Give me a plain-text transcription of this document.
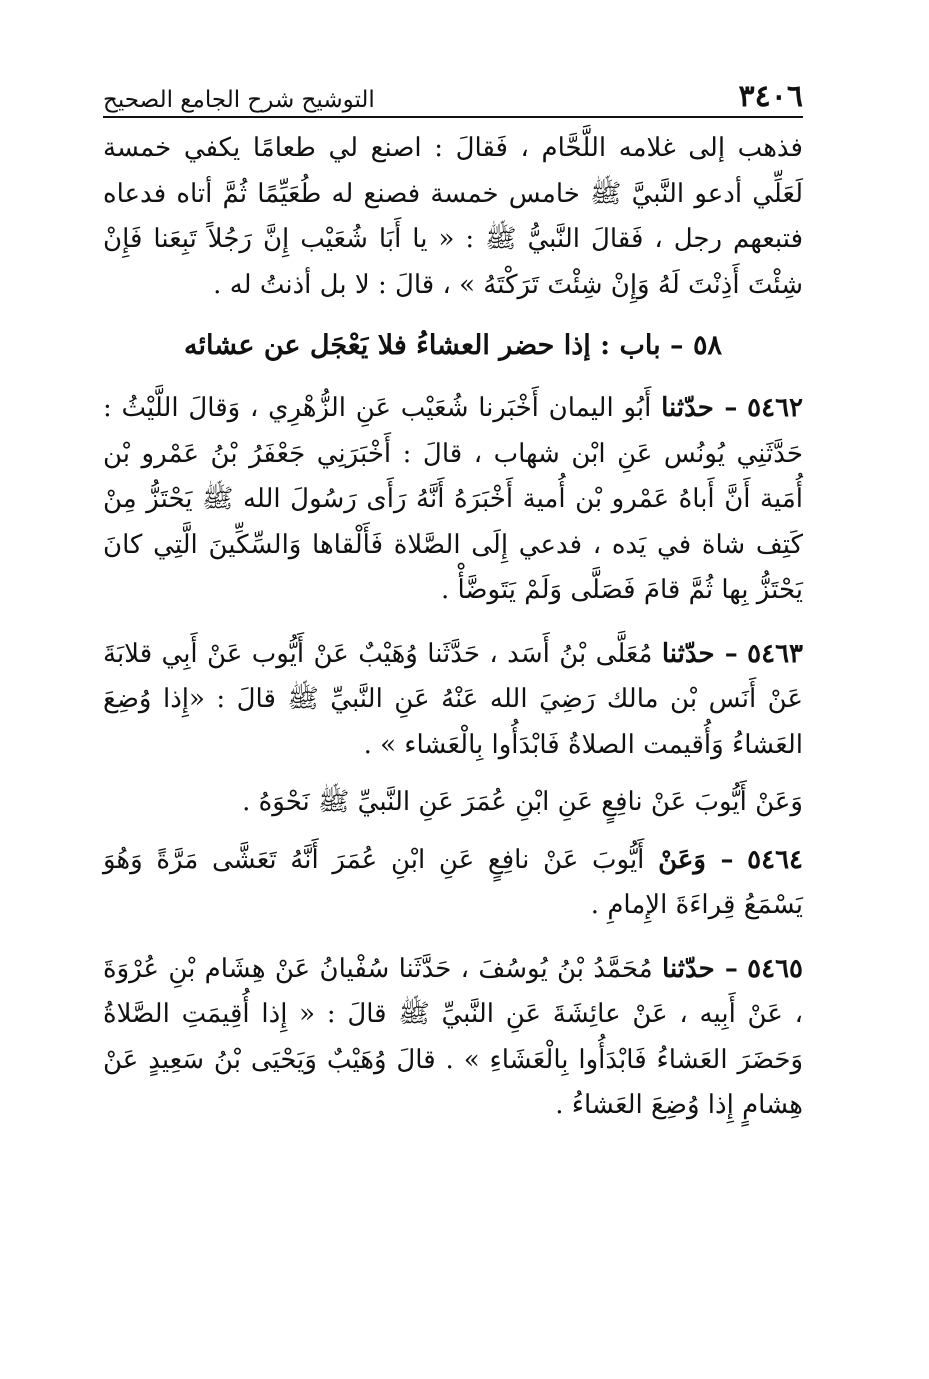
٣٤٠٦
التوشيح شرح الجامع الصحيح

فذهب إلى غلامه اللَّحَّام ، فَقالَ : اصنع لي طعامًا يكفي خمسة لَعَلِّي أدعو النَّبيَّ ﷺ خامس خمسة فصنع له طُعَيِّمًا ثُمَّ أتاه فدعاه فتبعهم رجل ، فَقالَ النَّبيُّ ﷺ : « يا أَبَا شُعَيْب إِنَّ رَجُلاً تَبِعَنا فَإِنْ شِئْتَ أَذِنْتَ لَهُ وَإِنْ شِئْتَ تَرَكْتَهُ » ، قالَ : لا بل أذنتُ له .

٥٨ – باب : إذا حضر العشاءُ فلا يَعْجَل عن عشائه

٥٤٦٢ – حدّثنا أَبُو اليمان أَخْبَرنا شُعَيْب عَنِ الزُّهْرِي ، وَقالَ اللَّيْثُ : حَدَّثَنِي يُونُس عَنِ ابْن شهاب ، قالَ : أَخْبَرَنِي جَعْفَرُ بْنُ عَمْرو بْن أُمَية أَنَّ أَباهُ عَمْرو بْن أُمية أَخْبَرَهُ أَنَّهُ رَأَى رَسُولَ الله ﷺ يَحْتَزُّ مِنْ كَتِف شاة في يَده ، فدعي إِلَى الصَّلاة فَأَلْقاها وَالسِّكِّينَ الَّتِي كانَ يَحْتَزُّ بِها ثُمَّ قامَ فَصَلَّى وَلَمْ يَتَوضَّأْ .

٥٤٦٣ – حدّثنا مُعَلَّى بْنُ أَسَد ، حَدَّثَنا وُهَيْبٌ عَنْ أَيُّوب عَنْ أَبِي قلابَةَ عَنْ أَنَس بْن مالك رَضِيَ الله عَنْهُ عَنِ النَّبيِّ ﷺ قالَ : «إِذا وُضِعَ العَشاءُ وَأُقيمت الصلاةُ فَابْدَأُوا بِالْعَشاء » .

وَعَنْ أَيُّوبَ عَنْ نافِعٍ عَنِ ابْنِ عُمَرَ عَنِ النَّبيِّ ﷺ نَحْوَهُ .

٥٤٦٤ – وَعَنْ أَيُّوبَ عَنْ نافِعٍ عَنِ ابْنِ عُمَرَ أَنَّهُ تَعَشَّى مَرَّةً وَهُوَ يَسْمَعُ قِراءَةَ الإِمامِ .

٥٤٦٥ – حدّثنا مُحَمَّدُ بْنُ يُوسُفَ ، حَدَّثَنا سُفْيانُ عَنْ هِشَام بْنِ عُرْوَةَ ، عَنْ أَبِيه ، عَنْ عائِشَةَ عَنِ النَّبيِّ ﷺ قالَ : « إِذا أُقِيمَتِ الصَّلاةُ وَحَضَرَ العَشاءُ فَابْدَأُوا بِالْعَشَاءِ » . قالَ وُهَيْبٌ وَيَحْيَى بْنُ سَعِيدٍ عَنْ هِشامٍ إِذا وُضِعَ العَشاءُ .
